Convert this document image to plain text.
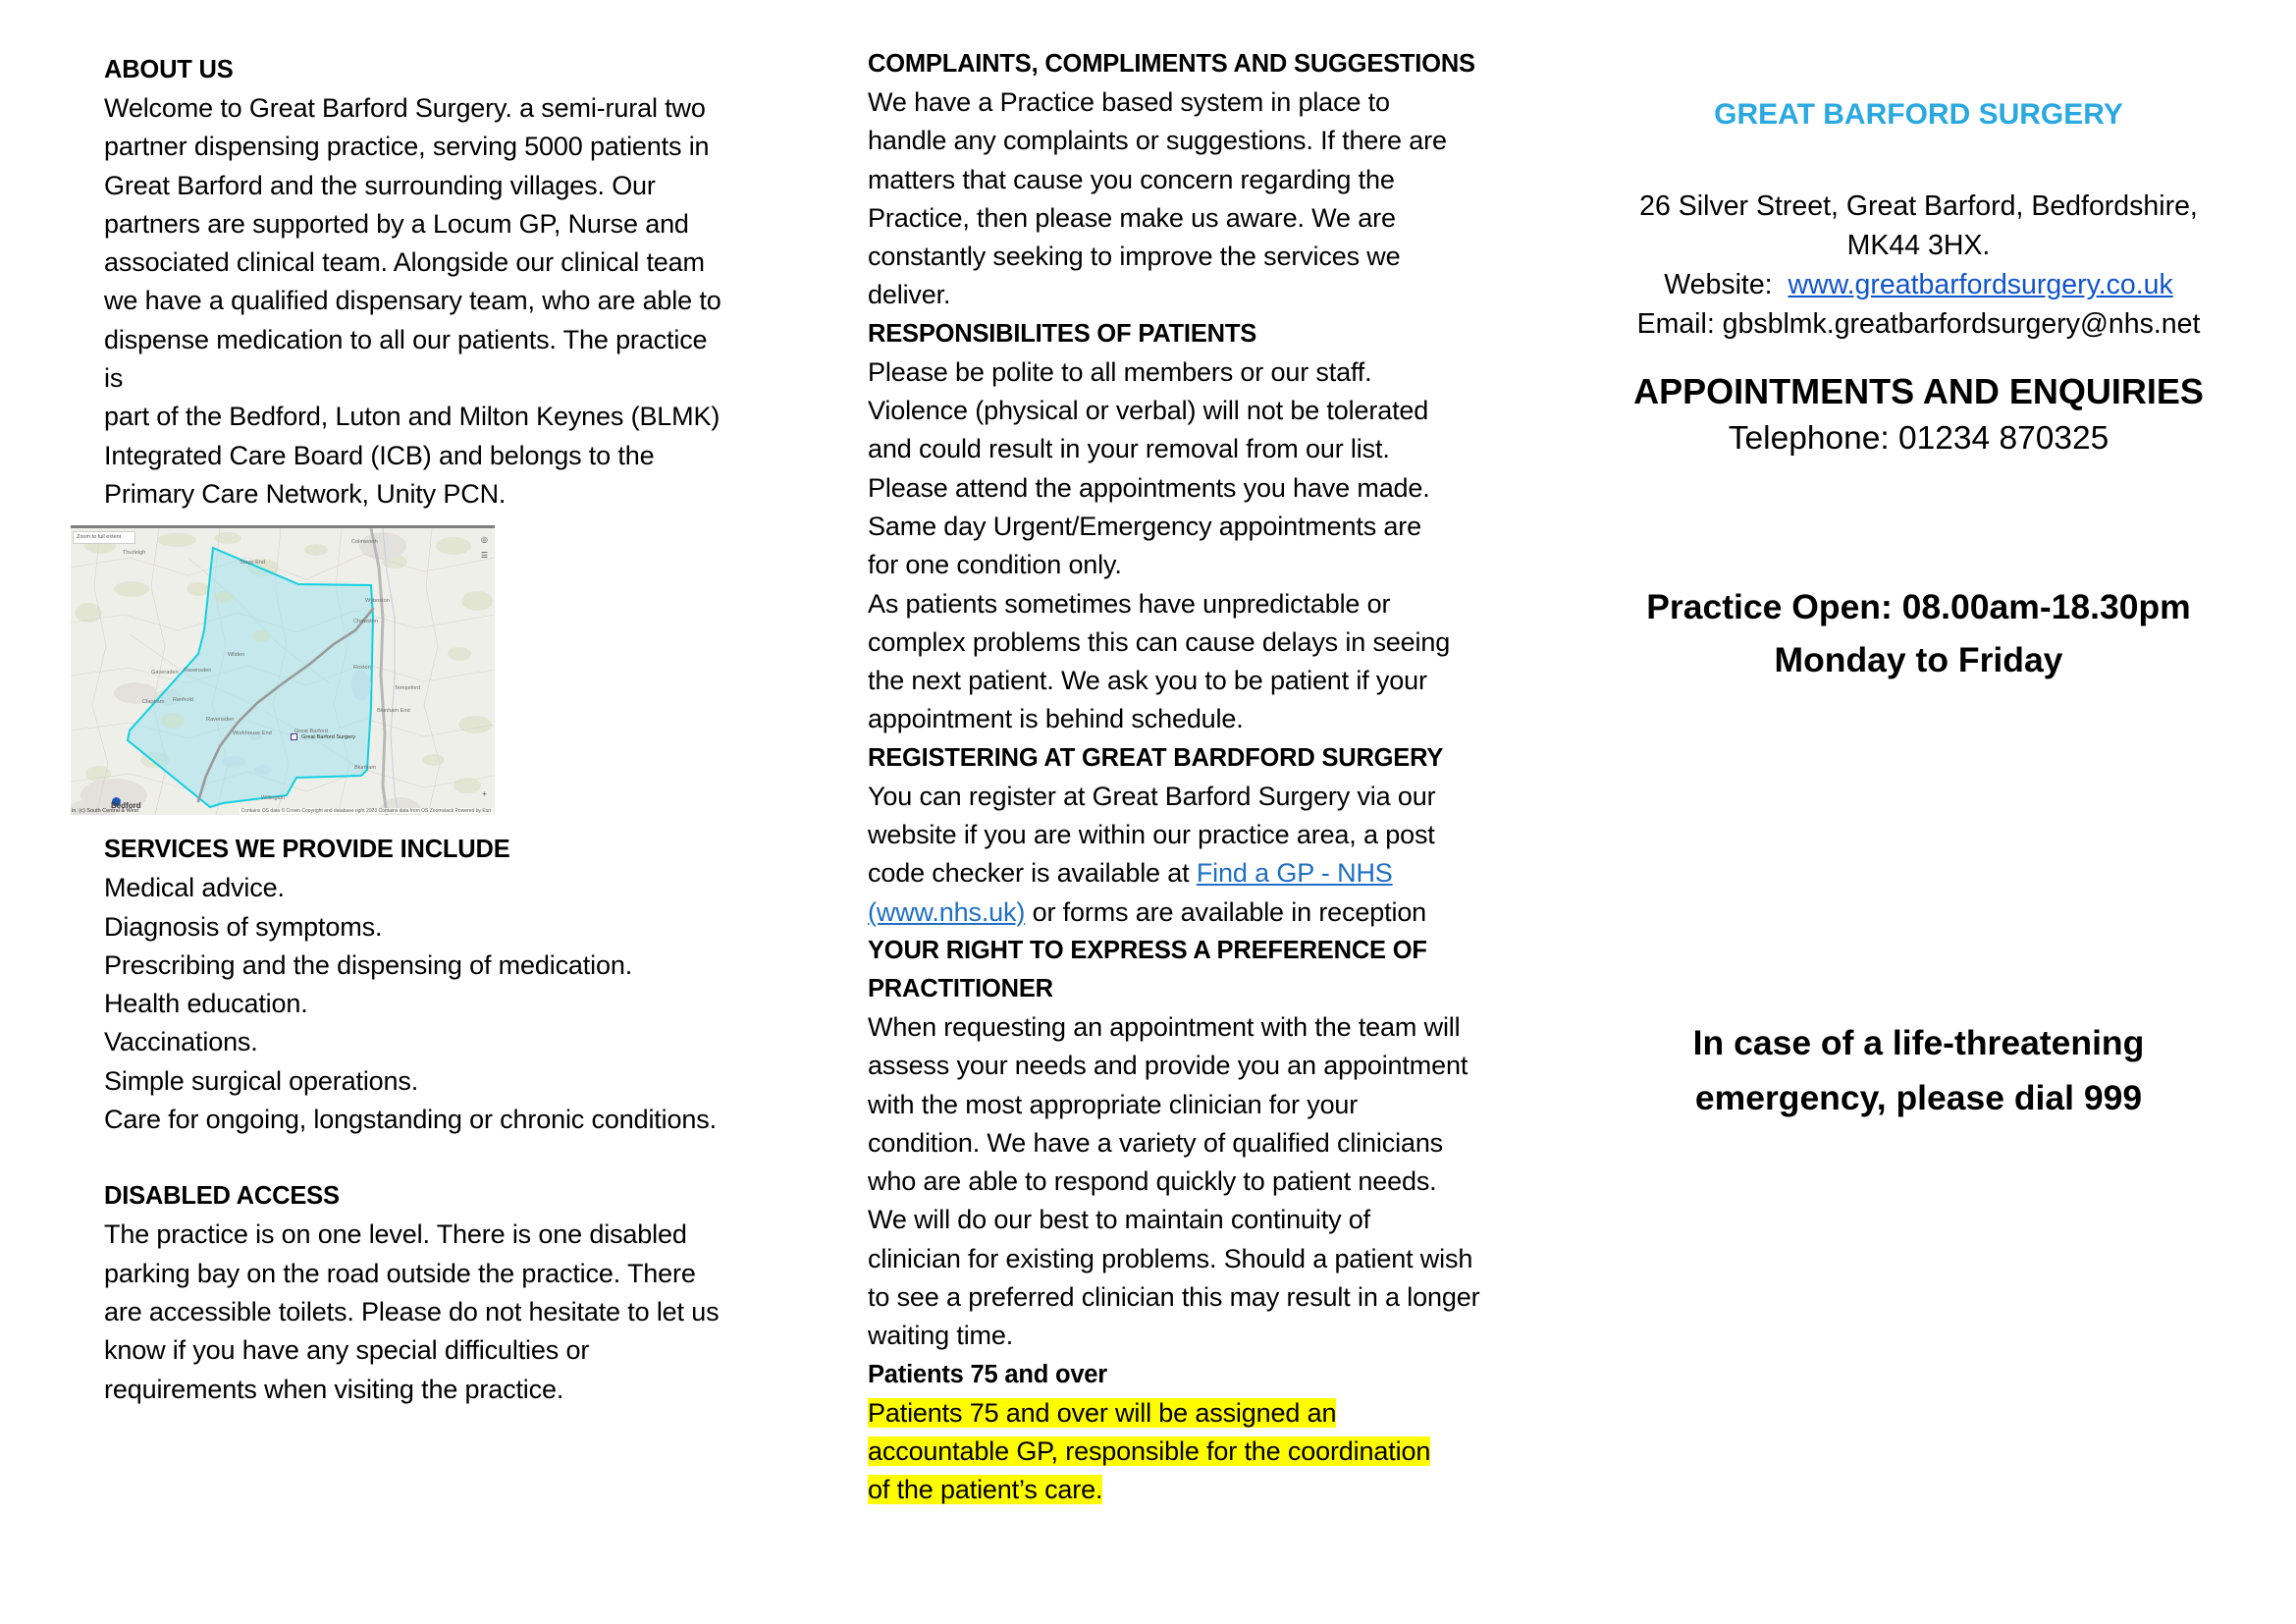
ABOUT US

Welcome to Great Barford Surgery. a semi-rural two
partner dispensing practice, serving 5000 patients in
Great Barford and the surrounding villages. Our
partners are supported by a Locum GP, Nurse and
associated clinical team. Alongside our clinical team
we have a qualified dispensary team, who are able to
dispense medication to all our patients. The practice is
part of the Bedford, Luton and Milton Keynes (BLMK)
Integrated Care Board (ICB) and belongs to the
Primary Care Network, Unity PCN.

Zoom to full extent	◎
☰
+
Great Barford Surgery
Contains OS data © Crown Copyright and database right 2023 Contains data from OS Zoomstack Powered by Esri
in. (c) South Central & West
Colmworth
Thurleigh
Stage End
Wilden
Ravensden
Gaveraden
Wyboston
Chawston
Roxton
Tempsford
Blunham End
Renhold
Clapham
Ravensden
Workhouse End	Great Barford
Blunham
Willington
Bedford
SERVICES WE PROVIDE INCLUDE

Medical advice.
Diagnosis of symptoms.
Prescribing and the dispensing of medication.
Health education.
Vaccinations.
Simple surgical operations.
Care for ongoing, longstanding or chronic conditions.

DISABLED ACCESS

The practice is on one level. There is one disabled
parking bay on the road outside the practice. There
are accessible toilets. Please do not hesitate to let us
know if you have any special difficulties or
requirements when visiting the practice.

COMPLAINTS, COMPLIMENTS AND SUGGESTIONS

We have a Practice based system in place to
handle any complaints or suggestions. If there are
matters that cause you concern regarding the
Practice, then please make us aware. We are
constantly seeking to improve the services we
deliver.

RESPONSIBILITES OF PATIENTS

Please be polite to all members or our staff.
Violence (physical or verbal) will not be tolerated
and could result in your removal from our list.
Please attend the appointments you have made.
Same day Urgent/Emergency appointments are
for one condition only.
As patients sometimes have unpredictable or
complex problems this can cause delays in seeing
the next patient. We ask you to be patient if your
appointment is behind schedule.

REGISTERING AT GREAT BARDFORD SURGERY

You can register at Great Barford Surgery via our
website if you are within our practice area, a post
code checker is available at Find a GP - NHS
(www.nhs.uk) or forms are available in reception

YOUR RIGHT TO EXPRESS A PREFERENCE OF
PRACTITIONER

When requesting an appointment with the team will
assess your needs and provide you an appointment
with the most appropriate clinician for your
condition. We have a variety of qualified clinicians
who are able to respond quickly to patient needs.
We will do our best to maintain continuity of
clinician for existing problems. Should a patient wish
to see a preferred clinician this may result in a longer
waiting time.

Patients 75 and over

Patients 75 and over will be assigned an
accountable GP, responsible for the coordination
of the patient’s care.

GREAT BARFORD SURGERY

26 Silver Street, Great Barford, Bedfordshire,
MK44 3HX.
Website: www.greatbarfordsurgery.co.uk
Email: gbsblmk.greatbarfordsurgery@nhs.net

APPOINTMENTS AND ENQUIRIES

Telephone: 01234 870325

Practice Open: 08.00am-18.30pm
Monday to Friday

In case of a life-threatening
emergency, please dial 999
